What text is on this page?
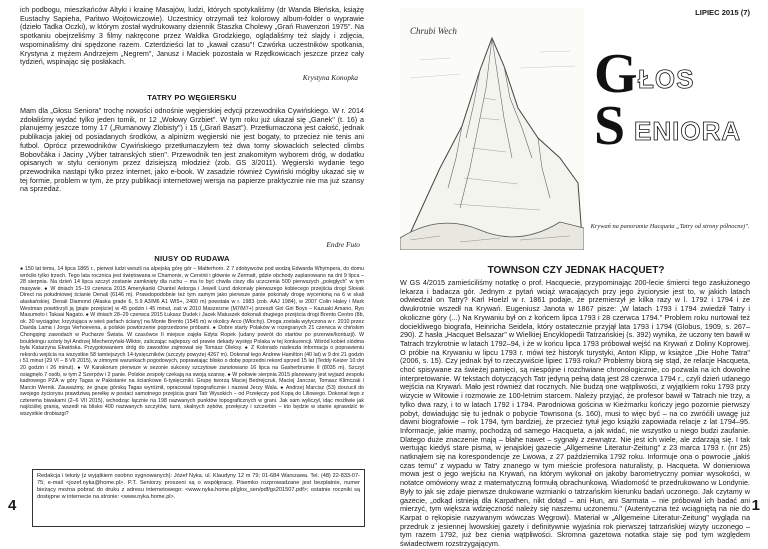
ich podbogu, mieszkańców Altyki i krainę Masajów, ludzi, których spotykaliśmy (dr Wanda Błeńska, książę Eustachy Sapieha, Pańtwo Wojtowiczowie). Uczestnicy otrzymali też kolorowy album-folder o wyprawie (dzieło Tadka Oczki), w którym został wydrukowany dziennik Staszka Cholewy „Grań Ruwenzori 1975". Na spotkaniu obejrzeliśmy 3 filmy nakręcone przez Waldka Grodzkiego, oglądaliśmy też slajdy i zdjęcia, wspominaliśmy dni spędzone razem. Czterdzieści lat to „kawał czasu"! Czwórka uczestników spotkania, Krystyna z mężem Andrzejem „Negrem", Janusz i Maciek pozostała w Rzędkowicach jeszcze przez cały tydzień, wspinając się posłakach.

Krystyna Konopka

TATRY PO WĘGIERSKU

Mam dla „Głosu Seniora" trochę nowości odnośnie węgierskiej edycji przewodnika Cywińskiego. W r. 2014 zdołaliśmy wydać tylko jeden tomik, nr 12 „Wołowy Grzbiet". W tym roku już ukazał się „Ganek" (t. 16) a planujemy jeszcze tomy 17 („Rumanowy Zlobisty") i 15 („Grań Baszt"). Przetłumaczona jest całość, jednak publikacja jakiej od posiadanych środków, a alpinizm węgierski nie jest bogaty, to przecież nie tenis ani futbol. Oprócz przewodników Cywińskiego przetłumaczyłem też dwa tomy słowackich selected climbs Bobovčáka i Jaciny „Výber tatranských stien". Przewodnik ten jest znakomitym wyborem dróg, w dodatku opisanych w stylu cenionym przez dzisiejszą młodzież (zob. GS 3/2011). Węgierski wydanie tego przewodnika nastąpi tylko przez internet, jako e-book. W zasadzie również Cywiński mógłby ukazać się w tej formie, problem w tym, że przy publikacji internetowej wersja na papierze praktycznie nie ma już szansy na sprzedaż.

Endre Futo

NIUSY OD RUDAWA

● 150 lat temu, 14 lipca 1865 r., pierwsi ludzi weszli na alpejską górę gór – Matterhorn. Z 7 zdobywców pod wodzą Edwarda Whympera, do domu wróciło tylko trzech. Tego lata rocznica jest świętowana w Chamonix, w Cervinii i głównie w Zermatt, gdzie obchody zaplanowano na dni 9 lipca – 28 sierpnia. Na dzień 14 lipca szczyt zostanie zamknięty dla ruchu – ma to być chwila ciszy dla uczczenia 500 pierwszych „poległych" w tym masywie. ● W dniach 15–19 czerwca 2015 Amerykanki Chantel Astorga i Jewell Lund dokonały pierwszego kobiecego przejścia drogi Slovak Direct na południowej ścianie Denali (6146 m). Prawdopodobnie też tym samym jako pierwsze panie pokonały drogę wycenioną na 6 w skali alaskańskiej. Denali Diamond (Alaska grade 6, 5.9 A3/M6 A1 WI5+, 2400 m) powstała w r. 1983 (zob. AAJ 1984), w 2007 Colin Haley i Mark Westman powtórzyli ją (piąte przejście) w 45 godzin i 45 minut, zaś w 2010 Maszerzne (M7/M7+) przeszli Giri Giri Boys – Kazuaki Amano, Ryo Masumoto i Takaai Nagato. ● W dniach 28–29 czerwca 2015 Łukasz Dudek i Jacek Matuszek dokonali drugiego przejścia drogi Brento Centro (8b, ok. 30 wyciągów; krzyżująca w wieś parfach ściany) na Monte Brento (1545 m) w okolicy Arco (Włochy). Droga została wytyczona w r. 2010 przez Davida Lama i Jorga Verhoevena, a polskie powtórzenie poprzedzone próbami. ● Dobre starty Polaków w rozegranych 21 czerwca w chińskim Chongqing zawodach w Pucharze Świata. W czasówce II miejsce zajęła Edyta Ropek (udany powrót do startów po przerwie/kontuzji). W bouldeingu szósty był Andrzej Mecherzyński-Wiktor, zaliczając najlepszy od prawie dekady występ Polaka w tej konkurencji. Wśród kobiet siódma była Katarzyna Ekwińska. Przygotowaniem dróg do zawodów zajmował się Tomasz Oleksy. ● Z Kolorado nadeszła informacja o poprawieniu rekordu wejścia na wszystkie 58 tamtejszych 14-tysięczników (szczyty powyżej 4267 m). Dokonał tego Andrew Hamilton (40 lat) w 9 dni 21 godzin i 51 minut (29 VI – 8 VII 2015), w zimnymi warunkach pogodowych, poprawiając blisko o dobę poprzedni rekord sprzed 15 lat (Teddy Keizer 10 dni 20 godzin i 26 minut). ● W Karakorum pierwsze w sezonie sukcesy szczytowe zanotowano 16 lipca na Gasherbrumie II (8035 m). Szczyt osiągnęło 7 osób, w tym 2 Szerpów i 2 panie. Polskie zespoły czekają na swoją szansę. ● W połowie sierpnia 2015 planowany jest wyjazd zespołu kadrowego PZA w góry Tagas w Pakistanie na ściankowe 6-tysięczniki. Grupę tworzą Maciej Bedrejczuk, Maciej Janczar, Tomasz Klimczak i Marcin Wernik. Zauważmy, że grupę górską Tagas wyróżnił, opracował topograficznie i nazwał Jerzy Wala. ● Andrzej Marcisz (53) dorzucił do swojego życiorysu prawdziwą perełkę w postaci samotnego przejścia grani Tatr Wysokich – od Przełęczy pod Kopą do Liliowego. Dokonał tego z czterema biwakami (2–6 VII 2015), wchodząc łącznie na 198 nazwanych punktów topograficznych w grani. Jak sam wyliczył, idąc możliwie jak najściślej granią, wszedł na blisko 400 nazwanych szczytów, turni, skalnych zębów, przełęczy i szczerbin – kto będzie w stanie sprawdzić te wszystkie drobiazgi?

Redakcja i teksty (z wyjątkiem osobno sygnowanych): Józef Nyka. ul. Klaudyny 12 m 79; 01-684 Warszawa. Tel. (48) 22-833-07-75; e-mail <jozef.nyka@home.pl>. P.T. Seniorzy proszeni są o współpracę. Pisemko rozprowadzane jest bezpłatnie, numer bieżący można pobrać do druku z adresu internetowego: <www.nyka.home.pl/glos_sen/pdf/gs201507.pdf>; ostatnie roczniki są dostępne w internecie na stronie: <www.nyka.home.pl>.

4
LIPIEC 2015 (7)
Chrubi Wech
G ŁOS
S ENIORA
Krywań na panoramie Hacqueta „Tatry od strony północnej".
TOWNSON CZY JEDNAK HACQUET?

W GS 4/2015 zamieściliśmy notatkę o prof. Hacquecie, przypominając 200-lecie śmierci tego zasłużonego lekarza i badacza gór. Jednym z pytań wciąż wracających przy jego życiorysie jest to, w jakich latach odwiedzał on Tatry? Karl Hoelzl w r. 1861 podaje, że przemierzył je kilka razy w l. 1792 i 1794 i że dwukrotnie wszedł na Krywań. Eugeniusz Janota w 1867 pisze: „W latach 1793 i 1794 zwiedził Tatry i okoliczne góry (...) Na Krywaniu był on z końcem lipca 1793 i 28 czerwca 1794." Problem roku nurtował też dociekliwego biografa, Heinricha Seidela, który ostatecznie przyjął lata 1793 i 1794 (Globus, 1909, s. 267–290). Z hasła „Hacquet Belsazar" w Wielkiej Encyklopedii Tatrzańskiej (s. 392) wynika, że uczony ten bawił w Tatrach trzykrotnie w latach 1792–94, i że w końcu lipca 1793 próbował wejść na Krywań z Doliny Koprowej. O próbie na Krywaniu w lipcu 1793 r. mówi też historyk turystyki, Anton Klipp, w książce „Die Hohe Tatra" (2006, s. 15). Czy jednak był to rzeczywiście lipiec 1793 roku? Problemy biorą się stąd, że relacje Hacqueta, choć spisywane za świeżej pamięci, są niespójne i rozchwiane chronologicznie, co pozwala na ich dowolne interpretowanie. W tekstach dotyczących Tatr jedyną pełną datą jest 28 czerwca 1794 r., czyli dzień udanego wejścia na Krywań. Mało jest również dat rocznych. Nie budzą one wątpliwości, z wyjątkiem roku 1793 przy wizycie w Witowie i rozmowie ze 100-letnim starcem. Należy przyjąć, że profesor bawił w Tatrach nie trzy, a tylko dwa razy, i to w latach 1792 i 1794. Parodniowa gościna w Kieżmarku kończy jego pozornie pierwszy pobyt, dowiadując się tu jednak o pobycie Townsona (s. 160), musi to więc być – na co zwróćili uwagę już dawni biografowie – rok 1794, tym bardziej, że przecież tytuł jego książki zapowiada relacje z lat 1794–95. Informacje, jakie mamy, pochodzą od samego Hacqueta, a jak widać, nie wszystko u niego budzi zaufanie. Dlatego duże znaczenie mają – błahe nawet – sygnały z zewnątrz. Nie jest ich wiele, ale zdarzają się. I tak wertując kiedyś stare pisma, w jenajskiej gazecie „Allgemeine Literatur-Zeitung" z 23 marca 1793 r. (nr 25) natknąłem się na korespondencje ze Lwowa, z 27 października 1792 roku. Informuje ona o powrocie „jakiś czas temu" z wypadu w Tatry znanego w tym mieście profesora naturalisty, p. Hacqueta. W donieniowa mowa jest o jego wejściu na Krywań, na którym wykonał on jakoby barometryczny pomiar wysokości, w notatce omówiony wraz z matematyczną formułą obrachunkową. Wiadomość te przedrukowano w Londynie. Były to jak się zdaje pierwsze drukowane wzmianki o tatrzańskim kierunku badań uczonego. Jak czytamy w gazecie, „odkąd istnieją dla Karpathen, nikt dotąd – ani Hun, ani Sarmata – nie próbował ich badać ani mierzyć, tym większa wdzięczność należy się naszemu uczonemu." (Autentyczna też wciągniętą na nie do Karpat o rękopisie nazywanym wówczas Węgrowi). Materiał w „Allgemeine Literatur-Zeitung" wygląda na przedruk z jesiennej lwowskiej gazety i definitywnie wyjaśnia rok pierwszej tatrzańskiej wizyty uczonego – tym razem 1792, już bez cienia wątpliwości. Skromna gazetowa notatka staje się pod tym względem świadectwem rozstrzygającym.

1
